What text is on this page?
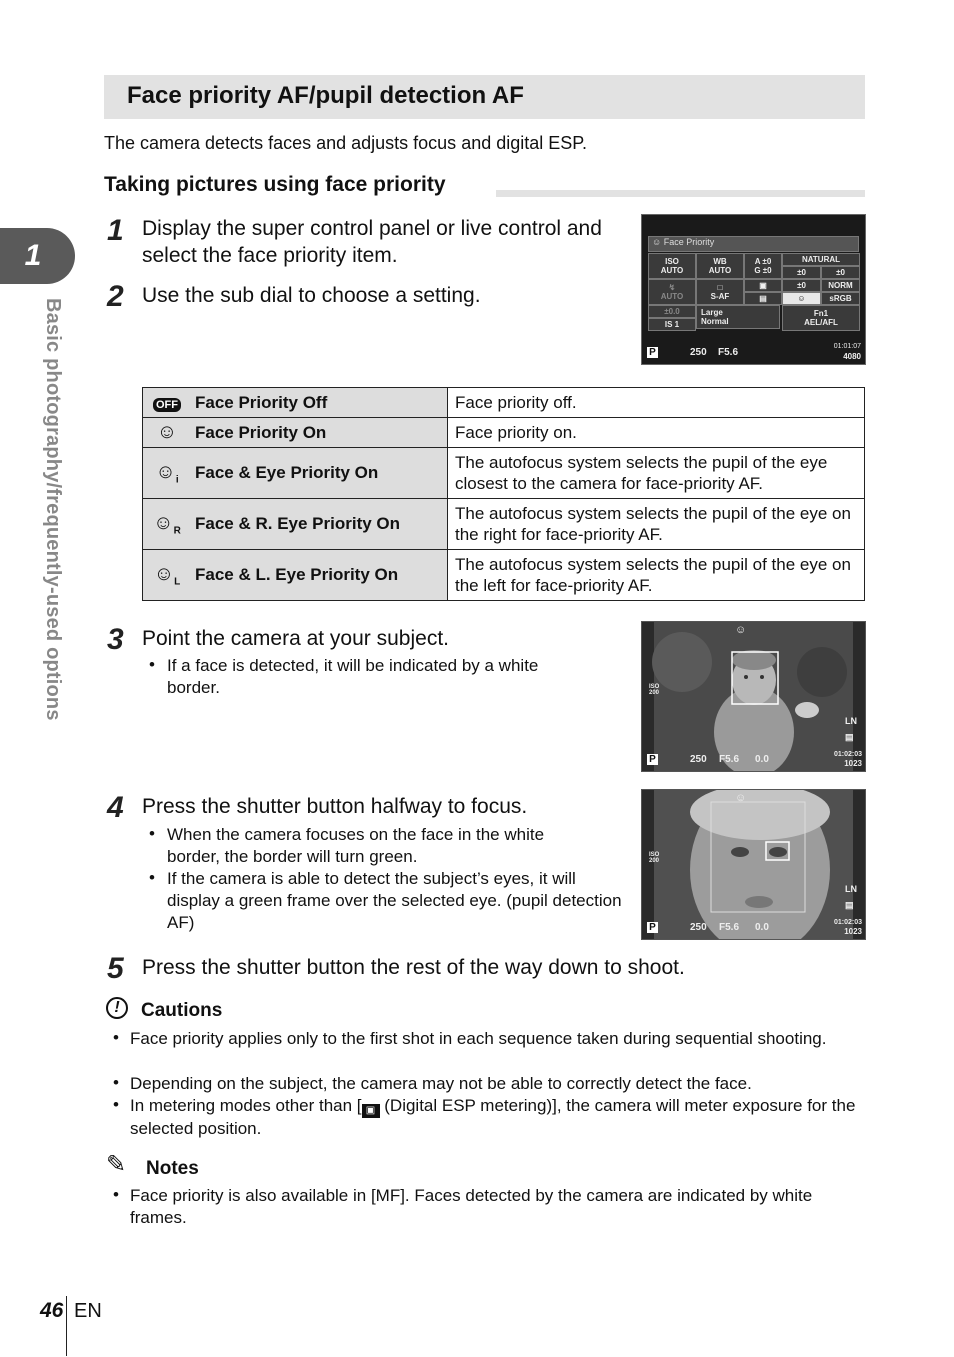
1
Basic photography/frequently-used options
Face priority AF/pupil detection AF
The camera detects faces and adjusts focus and digital ESP.
Taking pictures using face priority
1 Display the super control panel or live control and select the face priority item.
2 Use the sub dial to choose a setting.
☺ Face Priority
ISO
AUTO
WB
AUTO
A ±0
G ±0
NATURAL
±0	±0
↯
AUTO
±0.0
IS 1
□
S-AF
▣
▤
±0	NORM
☺	sRGB
Large
Normal
Fn1
AEL/AFL
P	250 F5.6
01:01:07
4080
OFF	Face Priority Off	Face priority off.
☺	Face Priority On	Face priority on.
$☺_i$	Face & Eye Priority On	The autofocus system selects the pupil of the eye closest to the camera for face-priority AF.
$☺_R$	Face & R. Eye Priority On	The autofocus system selects the pupil of the eye on the right for face-priority AF.
$☺_L$	Face & L. Eye Priority On	The autofocus system selects the pupil of the eye on the left for face-priority AF.
3 Point the camera at your subject.
• If a face is detected, it will be indicated by a white border.
☺
ISO 200
LN
▤
P	250 F5.6 0.0	01:02:03
1023
4 Press the shutter button halfway to focus.
• When the camera focuses on the face in the white border, the border will turn green.
• If the camera is able to detect the subject’s eyes, it will display a green frame over the selected eye. (pupil detection AF)
☺
ISO 200
LN
▤
P	250 F5.6 0.0	01:02:03
1023
5 Press the shutter button the rest of the way down to shoot.
!	Cautions
• Face priority applies only to the first shot in each sequence taken during sequential shooting.
• Depending on the subject, the camera may not be able to correctly detect the face.
• In metering modes other than [ ▣ (Digital ESP metering)], the camera will meter exposure for the selected position.
✎ Notes
• Face priority is also available in [MF]. Faces detected by the camera are indicated by white frames.
46 EN
